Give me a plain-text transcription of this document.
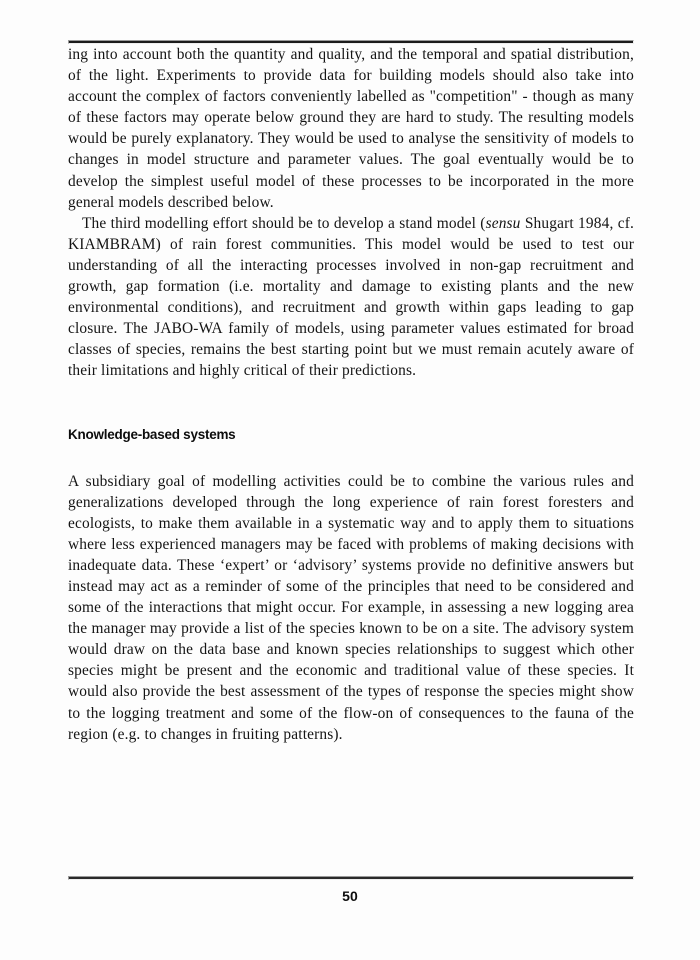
ing into account both the quantity and quality, and the temporal and spatial distribution, of the light. Experiments to provide data for building models should also take into account the complex of factors conveniently labelled as "competition" - though as many of these factors may operate below ground they are hard to study. The resulting models would be purely explanatory. They would be used to analyse the sensitivity of models to changes in model structure and parameter values. The goal eventually would be to develop the simplest useful model of these processes to be incorporated in the more general models described below.

The third modelling effort should be to develop a stand model (sensu Shugart 1984, cf. KIAMBRAM) of rain forest communities. This model would be used to test our understanding of all the interacting processes involved in non-gap recruitment and growth, gap formation (i.e. mortality and damage to existing plants and the new environmental conditions), and recruitment and growth within gaps leading to gap closure. The JABO-WA family of models, using parameter values estimated for broad classes of species, remains the best starting point but we must remain acutely aware of their limitations and highly critical of their predictions.

Knowledge-based systems

A subsidiary goal of modelling activities could be to combine the various rules and generalizations developed through the long experience of rain forest foresters and ecologists, to make them available in a systematic way and to apply them to situations where less experienced managers may be faced with problems of making decisions with inadequate data. These ‘expert’ or ‘advisory’ systems provide no definitive answers but instead may act as a reminder of some of the principles that need to be considered and some of the interactions that might occur. For example, in assessing a new logging area the manager may provide a list of the species known to be on a site. The advisory system would draw on the data base and known species relationships to suggest which other species might be present and the economic and traditional value of these species. It would also provide the best assessment of the types of response the species might show to the logging treatment and some of the flow-on of consequences to the fauna of the region (e.g. to changes in fruiting patterns).

50
